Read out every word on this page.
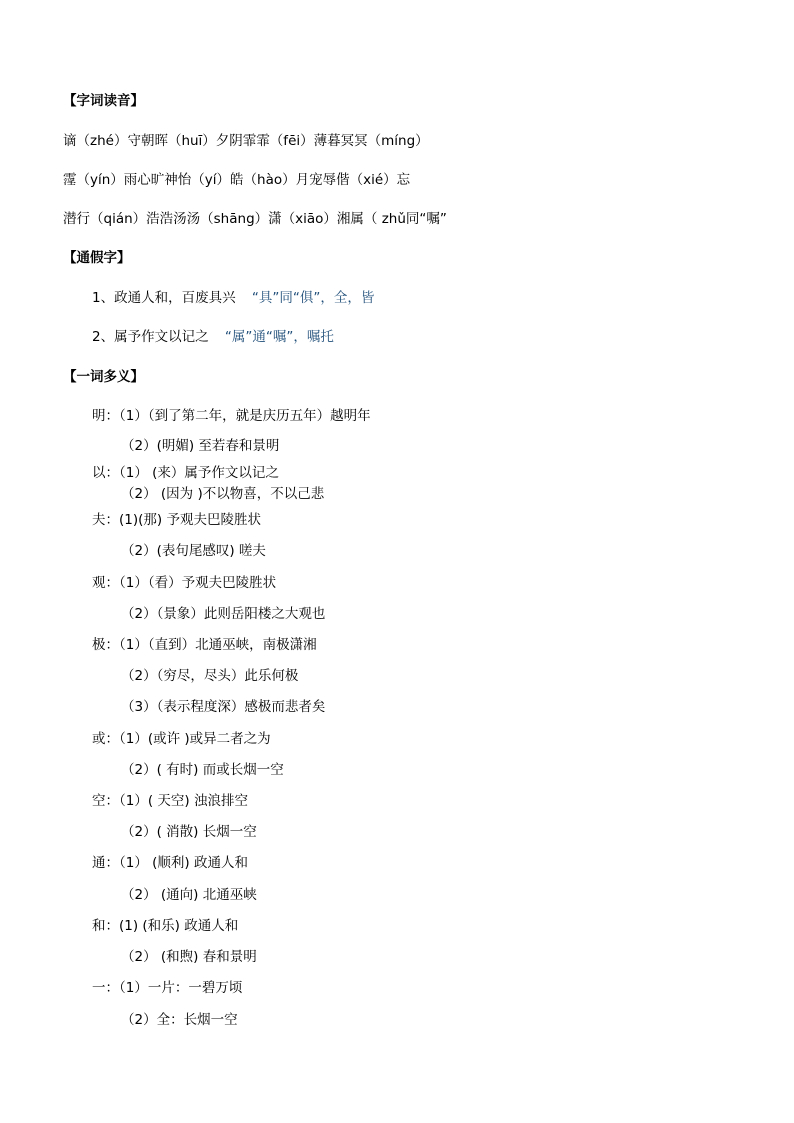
【字词读音】
谪（zhé）守朝晖（huī）夕阴霏霏（fēi）薄暮冥冥（míng）
霪（yín）雨心旷神怡（yí）皓（hào）月宠辱偕（xié）忘
潜行（qián）浩浩汤汤（shāng）潇（xiāo）湘属（ zhǔ同“嘱”
【通假字】
1、政通人和，百废具兴 “具”同“俱”，全，皆
2、属予作文以记之 “属”通“嘱”，嘱托
【一词多义】
明：（1）（到了第二年，就是庆历五年）越明年
（2）(明媚) 至若春和景明
以：（1） (来）属予作文以记之
（2） (因为 )不以物喜，不以己悲
夫：(1)(那) 予观夫巴陵胜状
（2）(表句尾感叹) 嗟夫
观：（1）（看）予观夫巴陵胜状
（2）（景象）此则岳阳楼之大观也
极：（1）（直到）北通巫峡，南极潇湘
（2）（穷尽，尽头）此乐何极
（3）（表示程度深）感极而悲者矣
或：（1）(或许 )或异二者之为
（2）( 有时) 而或长烟一空
空：（1）( 天空) 浊浪排空
（2）( 消散) 长烟一空
通：（1） (顺利) 政通人和
（2） (通向) 北通巫峡
和：(1) (和乐) 政通人和
（2） (和煦) 春和景明
一：（1）一片：一碧万顷
（2）全：长烟一空
